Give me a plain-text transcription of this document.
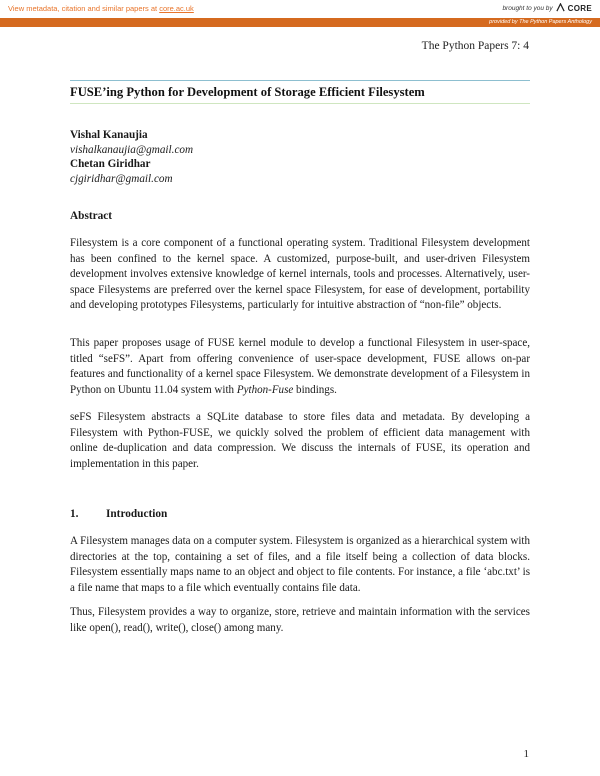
View metadata, citation and similar papers at core.ac.uk	brought to you by CORE
provided by The Python Papers Anthology
The Python Papers 7: 4
FUSE’ing Python for Development of Storage Efficient Filesystem
Vishal Kanaujia
vishalkanaujia@gmail.com
Chetan Giridhar
cjgiridhar@gmail.com
Abstract
Filesystem is a core component of a functional operating system. Traditional Filesystem development has been confined to the kernel space. A customized, purpose-built, and user-driven Filesystem development involves extensive knowledge of kernel internals, tools and processes. Alternatively, user-space Filesystems are preferred over the kernel space Filesystem, for ease of development, portability and developing prototypes Filesystems, particularly for intuitive abstraction of “non-file” objects.
This paper proposes usage of FUSE kernel module to develop a functional Filesystem in user-space, titled “seFS”. Apart from offering convenience of user-space development, FUSE allows on-par features and functionality of a kernel space Filesystem. We demonstrate development of a Filesystem in Python on Ubuntu 11.04 system with Python-Fuse bindings.
seFS Filesystem abstracts a SQLite database to store files data and metadata. By developing a Filesystem with Python-FUSE, we quickly solved the problem of efficient data management with online de-duplication and data compression. We discuss the internals of FUSE, its operation and implementation in this paper.
1. Introduction
A Filesystem manages data on a computer system. Filesystem is organized as a hierarchical system with directories at the top, containing a set of files, and a file itself being a collection of data blocks. Filesystem essentially maps name to an object and object to file contents. For instance, a file ‘abc.txt’ is a file name that maps to a file which eventually contains file data.
Thus, Filesystem provides a way to organize, store, retrieve and maintain information with the services like open(), read(), write(), close() among many.
1
